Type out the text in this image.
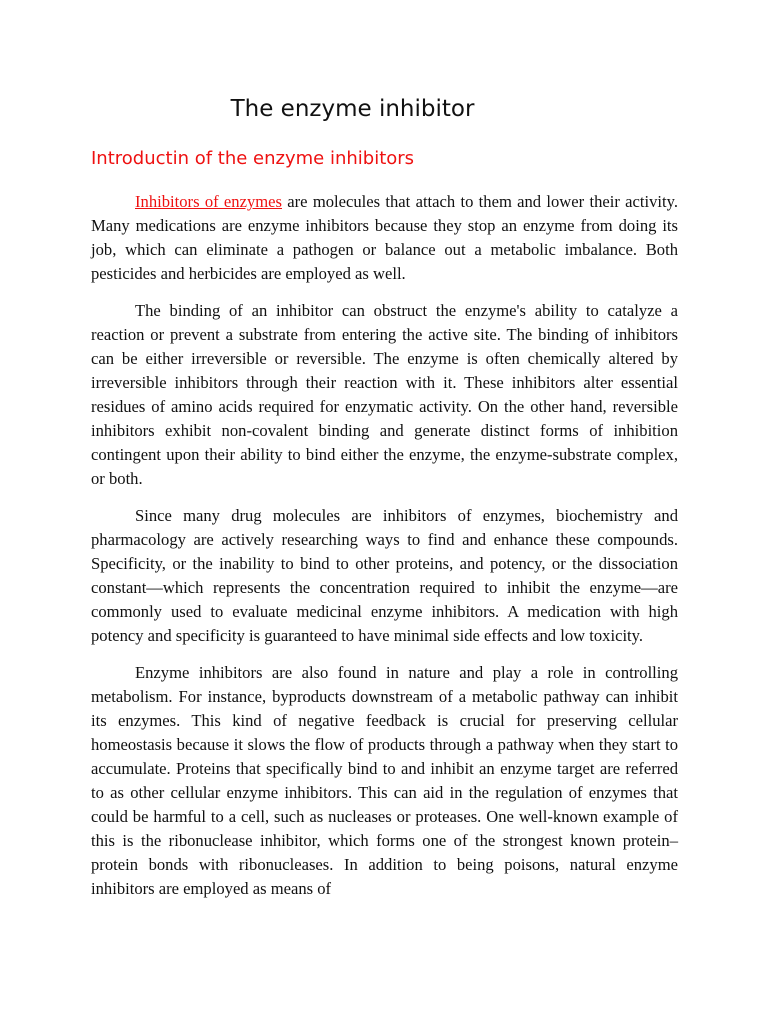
The enzyme inhibitor
Introductin of the enzyme inhibitors

Inhibitors of enzymes are molecules that attach to them and lower their activity. Many medications are enzyme inhibitors because they stop an enzyme from doing its job, which can eliminate a pathogen or balance out a metabolic imbalance. Both pesticides and herbicides are employed as well.

The binding of an inhibitor can obstruct the enzyme's ability to catalyze a reaction or prevent a substrate from entering the active site. The binding of inhibitors can be either irreversible or reversible. The enzyme is often chemically altered by irreversible inhibitors through their reaction with it. These inhibitors alter essential residues of amino acids required for enzymatic activity. On the other hand, reversible inhibitors exhibit non-covalent binding and generate distinct forms of inhibition contingent upon their ability to bind either the enzyme, the enzyme-substrate complex, or both.

Since many drug molecules are inhibitors of enzymes, biochemistry and pharmacology are actively researching ways to find and enhance these compounds. Specificity, or the inability to bind to other proteins, and potency, or the dissociation constant—which represents the concentration required to inhibit the enzyme—are commonly used to evaluate medicinal enzyme inhibitors. A medication with high potency and specificity is guaranteed to have minimal side effects and low toxicity.

Enzyme inhibitors are also found in nature and play a role in controlling metabolism. For instance, byproducts downstream of a metabolic pathway can inhibit its enzymes. This kind of negative feedback is crucial for preserving cellular homeostasis because it slows the flow of products through a pathway when they start to accumulate. Proteins that specifically bind to and inhibit an enzyme target are referred to as other cellular enzyme inhibitors. This can aid in the regulation of enzymes that could be harmful to a cell, such as nucleases or proteases. One well-known example of this is the ribonuclease inhibitor, which forms one of the strongest known protein–protein bonds with ribonucleases. In addition to being poisons, natural enzyme inhibitors are employed as means of
